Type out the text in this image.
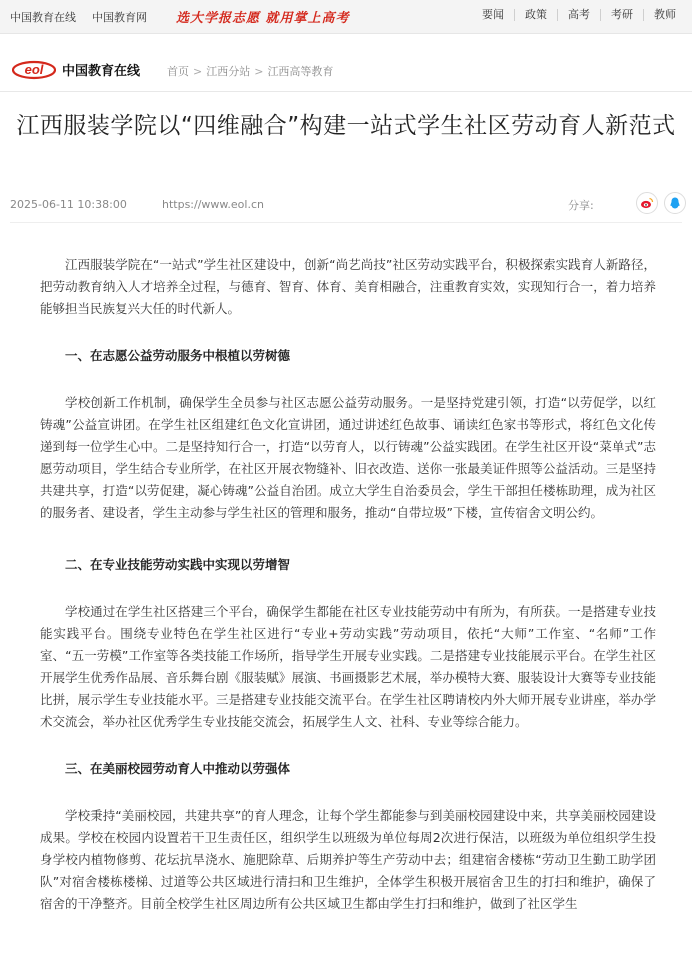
中国教育在线 中国教育网 选大学报志愿 就用掌上高考	要闻	政策	高考	考研	教师
eol 中国教育在线 首页 > 江西分站 > 江西高等教育
江西服装学院以“四维融合”构建一站式学生社区劳动育人新范式
2025-06-11 10:38:00	https://www.eol.cn	分享:

江西服装学院在“一站式”学生社区建设中，创新“尚艺尚技”社区劳动实践平台，积极探索实践育人新路径，把劳动教育纳入人才培养全过程，与德育、智育、体育、美育相融合，注重教育实效，实现知行合一，着力培养能够担当民族复兴大任的时代新人。

一、在志愿公益劳动服务中根植以劳树德

学校创新工作机制，确保学生全员参与社区志愿公益劳动服务。一是坚持党建引领，打造“以劳促学，以红铸魂”公益宣讲团。在学生社区组建红色文化宣讲团，通过讲述红色故事、诵读红色家书等形式，将红色文化传递到每一位学生心中。二是坚持知行合一，打造“以劳育人，以行铸魂”公益实践团。在学生社区开设“菜单式”志愿劳动项目，学生结合专业所学，在社区开展衣物缝补、旧衣改造、送你一张最美证件照等公益活动。三是坚持共建共享，打造“以劳促建，凝心铸魂”公益自治团。成立大学生自治委员会，学生干部担任楼栋助理，成为社区的服务者、建设者，学生主动参与学生社区的管理和服务，推动“自带垃圾”下楼，宣传宿舍文明公约。

二、在专业技能劳动实践中实现以劳增智

学校通过在学生社区搭建三个平台，确保学生都能在社区专业技能劳动中有所为，有所获。一是搭建专业技能实践平台。围绕专业特色在学生社区进行“专业+劳动实践”劳动项目，依托“大师”工作室、“名师”工作室、“五一劳模”工作室等各类技能工作场所，指导学生开展专业实践。二是搭建专业技能展示平台。在学生社区开展学生优秀作品展、音乐舞台剧《服装赋》展演、书画摄影艺术展，举办模特大赛、服装设计大赛等专业技能比拼，展示学生专业技能水平。三是搭建专业技能交流平台。在学生社区聘请校内外大师开展专业讲座，举办学术交流会，举办社区优秀学生专业技能交流会，拓展学生人文、社科、专业等综合能力。

三、在美丽校园劳动育人中推动以劳强体

学校秉持“美丽校园，共建共享”的育人理念，让每个学生都能参与到美丽校园建设中来，共享美丽校园建设成果。学校在校园内设置若干卫生责任区，组织学生以班级为单位每周2次进行保洁，以班级为单位组织学生投身学校内植物修剪、花坛抗旱浇水、施肥除草、后期养护等生产劳动中去；组建宿舍楼栋“劳动卫生勤工助学团队”对宿舍楼栋楼梯、过道等公共区域进行清扫和卫生维护，全体学生积极开展宿舍卫生的打扫和维护，确保了宿舍的干净整齐。目前全校学生社区周边所有公共区域卫生都由学生打扫和维护，做到了社区学生
